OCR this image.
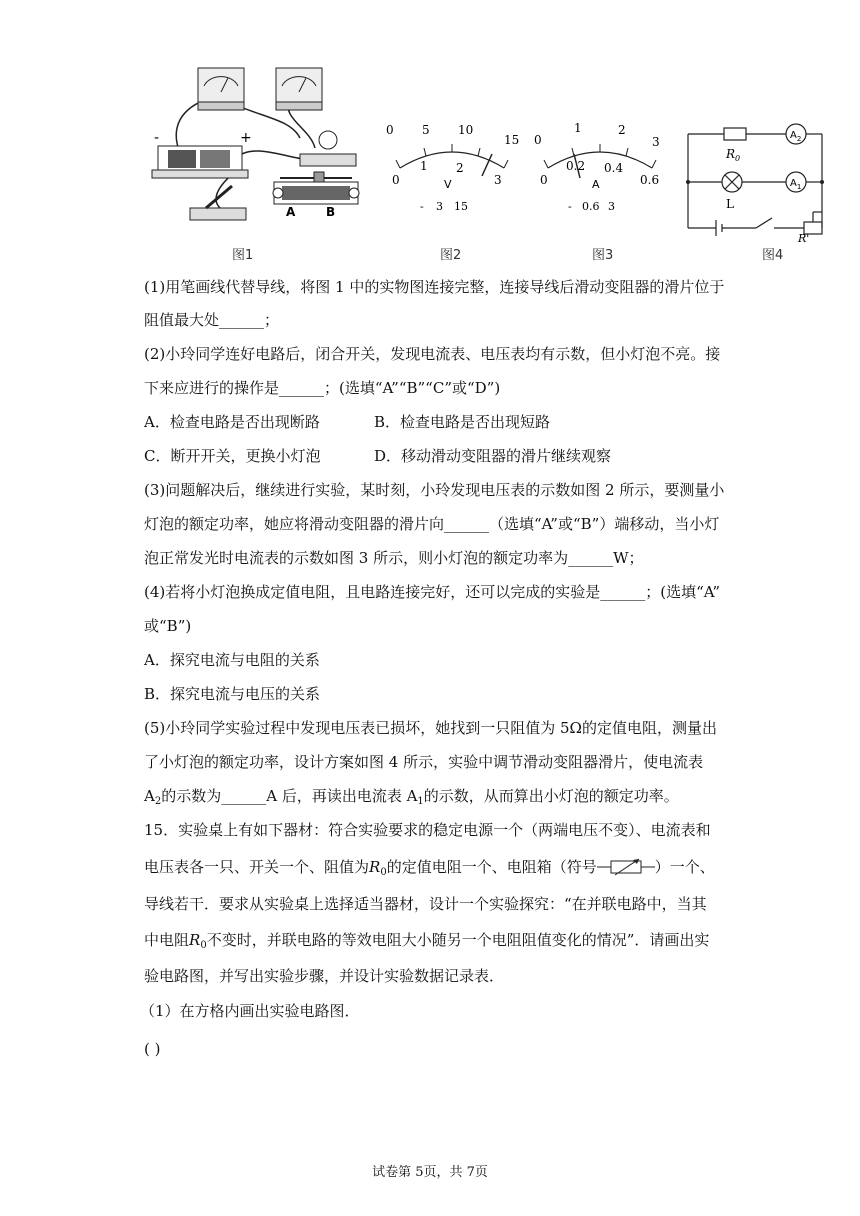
-	+
A	B
图1
0 5 10
15
0
1 2
3
V
- 3 15
图2
0
1	2
3
0
0.2 0.4
0.6
A
- 0.6 3
图3
$R_0$
$A_2$
$A_1$
L
R'
图4
(1)用笔画线代替导线，将图 1 中的实物图连接完整，连接导线后滑动变阻器的滑片位于
阻值最大处______；
(2)小玲同学连好电路后，闭合开关，发现电流表、电压表均有示数，但小灯泡不亮。接
下来应进行的操作是______；(选填“A”“B”“C”或“D”)
A．检查电路是否出现断路	B．检查电路是否出现短路
C．断开开关，更换小灯泡	D．移动滑动变阻器的滑片继续观察
(3)问题解决后，继续进行实验，某时刻，小玲发现电压表的示数如图 2 所示，要测量小
灯泡的额定功率，她应将滑动变阻器的滑片向______（选填“A”或“B”）端移动，当小灯
泡正常发光时电流表的示数如图 3 所示，则小灯泡的额定功率为______W；
(4)若将小灯泡换成定值电阻，且电路连接完好，还可以完成的实验是______；(选填“A”
或“B”)
A．探究电流与电阻的关系
B．探究电流与电压的关系
(5)小玲同学实验过程中发现电压表已损坏，她找到一只阻值为 5Ω的定值电阻，测量出
了小灯泡的额定功率，设计方案如图 4 所示，实验中调节滑动变阻器滑片，使电流表
$A_2$的示数为______A 后，再读出电流表 $A_1$的示数，从而算出小灯泡的额定功率。
15．实验桌上有如下器材：符合实验要求的稳定电源一个（两端电压不变）、电流表和
电压表各一只、开关一个、阻值为$R_0$的定值电阻一个、电阻箱（符号	）一个、
导线若干．要求从实验桌上选择适当器材，设计一个实验探究：“在并联电路中，当其
中电阻$R_0$不变时，并联电路的等效电阻大小随另一个电阻阻值变化的情况”．请画出实
验电路图，并写出实验步骤，并设计实验数据记录表．
（1）在方格内画出实验电路图．
( )
试卷第 5页，共 7页
